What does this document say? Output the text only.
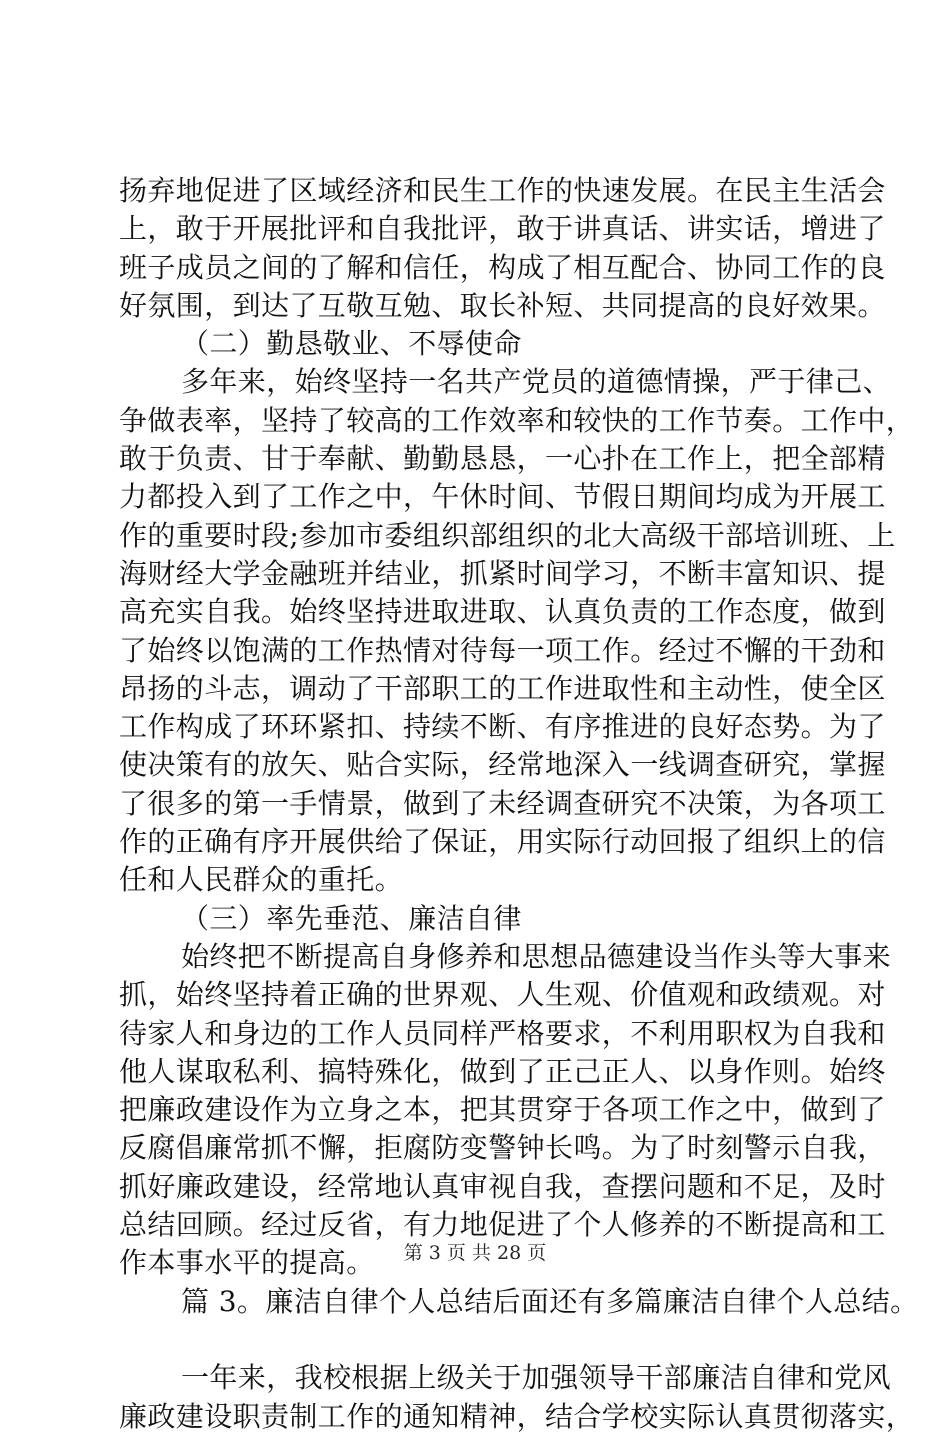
扬弃地促进了区域经济和民生工作的快速发展。在民主生活会
上，敢于开展批评和自我批评，敢于讲真话、讲实话，增进了
班子成员之间的了解和信任，构成了相互配合、协同工作的良
好氛围，到达了互敬互勉、取长补短、共同提高的良好效果。
（二）勤恳敬业、不辱使命
多年来，始终坚持一名共产党员的道德情操，严于律己、
争做表率，坚持了较高的工作效率和较快的工作节奏。工作中，
敢于负责、甘于奉献、勤勤恳恳，一心扑在工作上，把全部精
力都投入到了工作之中，午休时间、节假日期间均成为开展工
作的重要时段;参加市委组织部组织的北大高级干部培训班、上
海财经大学金融班并结业，抓紧时间学习，不断丰富知识、提
高充实自我。始终坚持进取进取、认真负责的工作态度，做到
了始终以饱满的工作热情对待每一项工作。经过不懈的干劲和
昂扬的斗志，调动了干部职工的工作进取性和主动性，使全区
工作构成了环环紧扣、持续不断、有序推进的良好态势。为了
使决策有的放矢、贴合实际，经常地深入一线调查研究，掌握
了很多的第一手情景，做到了未经调查研究不决策，为各项工
作的正确有序开展供给了保证，用实际行动回报了组织上的信
任和人民群众的重托。
（三）率先垂范、廉洁自律
始终把不断提高自身修养和思想品德建设当作头等大事来
抓，始终坚持着正确的世界观、人生观、价值观和政绩观。对
待家人和身边的工作人员同样严格要求，不利用职权为自我和
他人谋取私利、搞特殊化，做到了正己正人、以身作则。始终
把廉政建设作为立身之本，把其贯穿于各项工作之中，做到了
反腐倡廉常抓不懈，拒腐防变警钟长鸣。为了时刻警示自我，
抓好廉政建设，经常地认真审视自我，查摆问题和不足，及时
总结回顾。经过反省，有力地促进了个人修养的不断提高和工
作本事水平的提高。
篇 3。廉洁自律个人总结后面还有多篇廉洁自律个人总结。
一年来，我校根据上级关于加强领导干部廉洁自律和党风
廉政建设职责制工作的通知精神，结合学校实际认真贯彻落实，
第 3 页 共 28 页
